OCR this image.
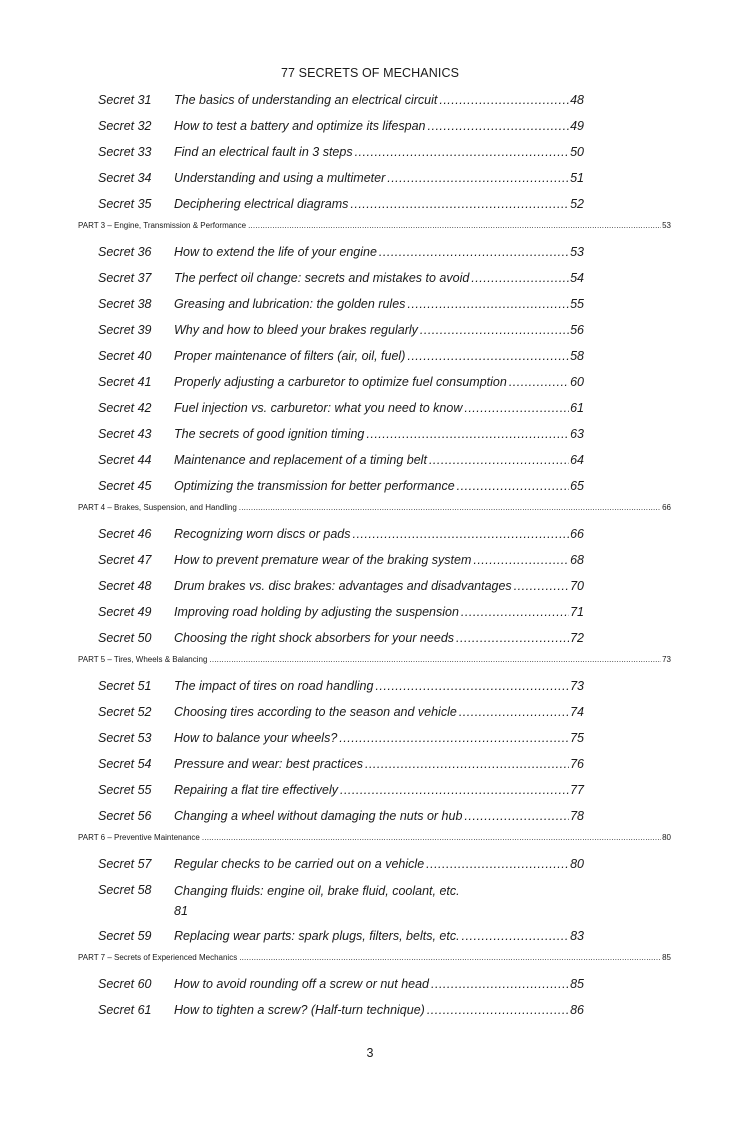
77 SECRETS OF MECHANICS
Secret 31	The basics of understanding an electrical circuit .....	48
Secret 32	How to test a battery and optimize its lifespan .....	49
Secret 33	Find an electrical fault in 3 steps .....	50
Secret 34	Understanding and using a multimeter .....	51
Secret 35	Deciphering electrical diagrams .....	52
PART 3 – Engine, Transmission & Performance .....	53
Secret 36	How to extend the life of your engine .....	53
Secret 37	The perfect oil change: secrets and mistakes to avoid .....	54
Secret 38	Greasing and lubrication: the golden rules .....	55
Secret 39	Why and how to bleed your brakes regularly .....	56
Secret 40	Proper maintenance of filters (air, oil, fuel) .....	58
Secret 41	Properly adjusting a carburetor to optimize fuel consumption .....	60
Secret 42	Fuel injection vs. carburetor: what you need to know .....	61
Secret 43	The secrets of good ignition timing .....	63
Secret 44	Maintenance and replacement of a timing belt .....	64
Secret 45	Optimizing the transmission for better performance .....	65
PART 4 – Brakes, Suspension, and Handling .....	66
Secret 46	Recognizing worn discs or pads .....	66
Secret 47	How to prevent premature wear of the braking system .....	68
Secret 48	Drum brakes vs. disc brakes: advantages and disadvantages .....	70
Secret 49	Improving road holding by adjusting the suspension .....	71
Secret 50	Choosing the right shock absorbers for your needs .....	72
PART 5 – Tires, Wheels & Balancing .....	73
Secret 51	The impact of tires on road handling .....	73
Secret 52	Choosing tires according to the season and vehicle .....	74
Secret 53	How to balance your wheels? .....	75
Secret 54	Pressure and wear: best practices .....	76
Secret 55	Repairing a flat tire effectively .....	77
Secret 56	Changing a wheel without damaging the nuts or hub .....	78
PART 6 – Preventive Maintenance .....	80
Secret 57	Regular checks to be carried out on a vehicle .....	80
Secret 58 Changing fluids: engine oil, brake fluid, coolant, etc.
81
Secret 59	Replacing wear parts: spark plugs, filters, belts, etc. .....	83
PART 7 – Secrets of Experienced Mechanics .....	85
Secret 60	How to avoid rounding off a screw or nut head .....	85
Secret 61	How to tighten a screw? (Half-turn technique) .....	86
3
